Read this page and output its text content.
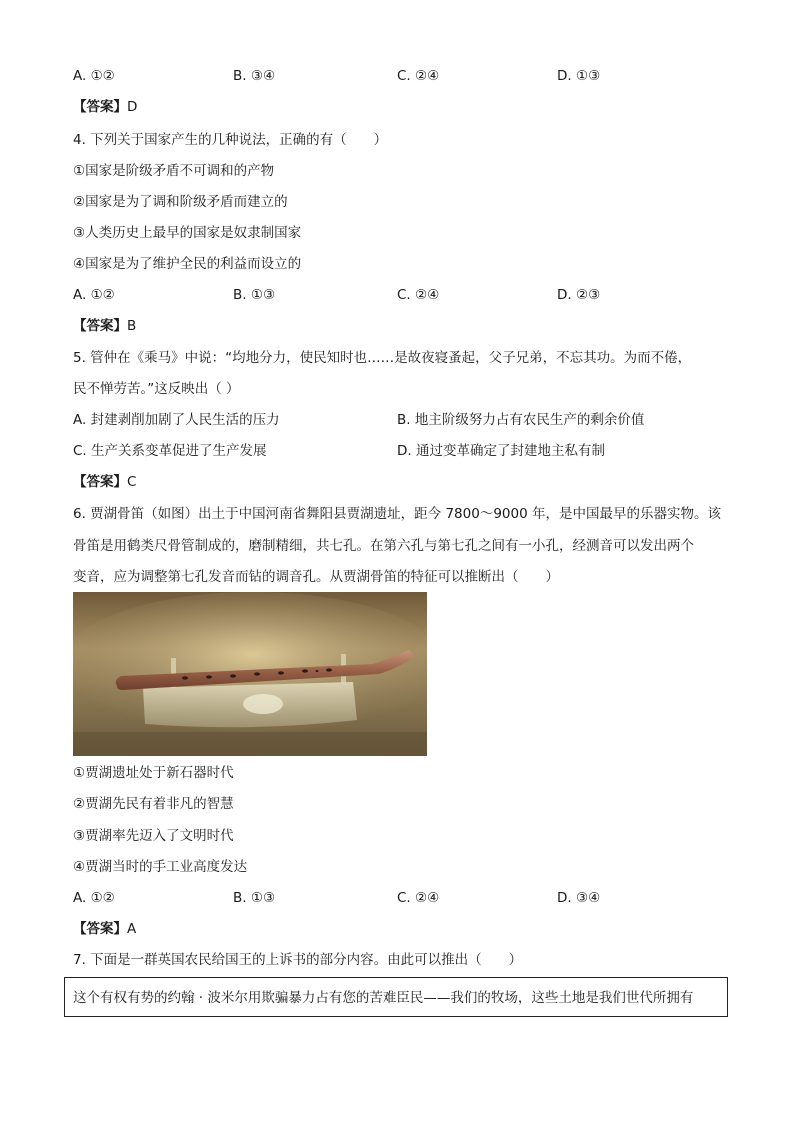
A. ①②	B. ③④	C. ②④	D. ①③
【答案】D
4. 下列关于国家产生的几种说法，正确的有（　　）
①国家是阶级矛盾不可调和的产物
②国家是为了调和阶级矛盾而建立的
③人类历史上最早的国家是奴隶制国家
④国家是为了维护全民的利益而设立的
A. ①②	B. ①③	C. ②④	D. ②③
【答案】B
5. 管仲在《乘马》中说：“均地分力，使民知时也……是故夜寝蚤起，父子兄弟，不忘其功。为而不倦，
民不惮劳苦。”这反映出（ ）
A. 封建剥削加剧了人民生活的压力	B. 地主阶级努力占有农民生产的剩余价值
C. 生产关系变革促进了生产发展	D. 通过变革确定了封建地主私有制
【答案】C
6. 贾湖骨笛（如图）出土于中国河南省舞阳县贾湖遗址，距今 7800～9000 年，是中国最早的乐器实物。该
骨笛是用鹤类尺骨管制成的，磨制精细，共七孔。在第六孔与第七孔之间有一小孔，经测音可以发出两个
变音，应为调整第七孔发音而钻的调音孔。从贾湖骨笛的特征可以推断出（　　）
①贾湖遗址处于新石器时代
②贾湖先民有着非凡的智慧
③贾湖率先迈入了文明时代
④贾湖当时的手工业高度发达
A. ①②	B. ①③	C. ②④	D. ③④
【答案】A
7. 下面是一群英国农民给国王的上诉书的部分内容。由此可以推出（　　）
这个有权有势的约翰 · 波米尔用欺骗暴力占有您的苦难臣民——我们的牧场，这些土地是我们世代所拥有
